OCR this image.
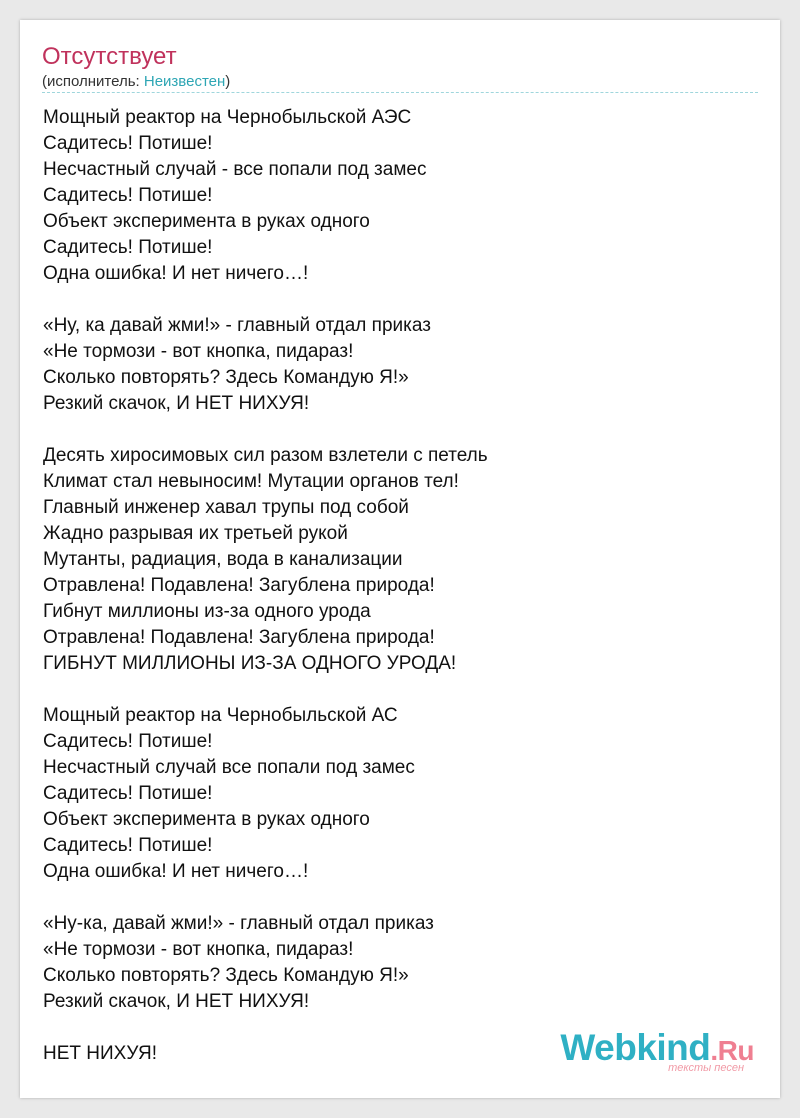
Отсутствует
(исполнитель: Неизвестен)
Мощный реактор на Чернобыльской АЭС
Садитесь! Потише!
Несчастный случай - все попали под замес
Садитесь! Потише!
Объект эксперимента в руках одного
Садитесь! Потише!
Одна ошибка! И нет ничего…!
«Ну, ка давай жми!» - главный отдал приказ
«Не тормози - вот кнопка, пидараз!
Сколько повторять? Здесь Командую Я!»
Резкий скачок, И НЕТ НИХУЯ!
Десять хиросимовых сил разом взлетели с петель
Климат стал невыносим! Мутации органов тел!
Главный инженер хавал трупы под собой
Жадно разрывая их третьей рукой
Мутанты, радиация, вода в канализации
Отравлена! Подавлена! Загублена природа!
Гибнут миллионы из-за одного урода
Отравлена! Подавлена! Загублена природа!
ГИБНУТ МИЛЛИОНЫ ИЗ-ЗА ОДНОГО УРОДА!
Мощный реактор на Чернобыльской АС
Садитесь! Потише!
Несчастный случай все попали под замес
Садитесь! Потише!
Объект эксперимента в руках одного
Садитесь! Потише!
Одна ошибка! И нет ничего…!
«Ну-ка, давай жми!» - главный отдал приказ
«Не тормози - вот кнопка, пидараз!
Сколько повторять? Здесь Командую Я!»
Резкий скачок, И НЕТ НИХУЯ!
НЕТ НИХУЯ!	Webkind.Ru
тексты песен
